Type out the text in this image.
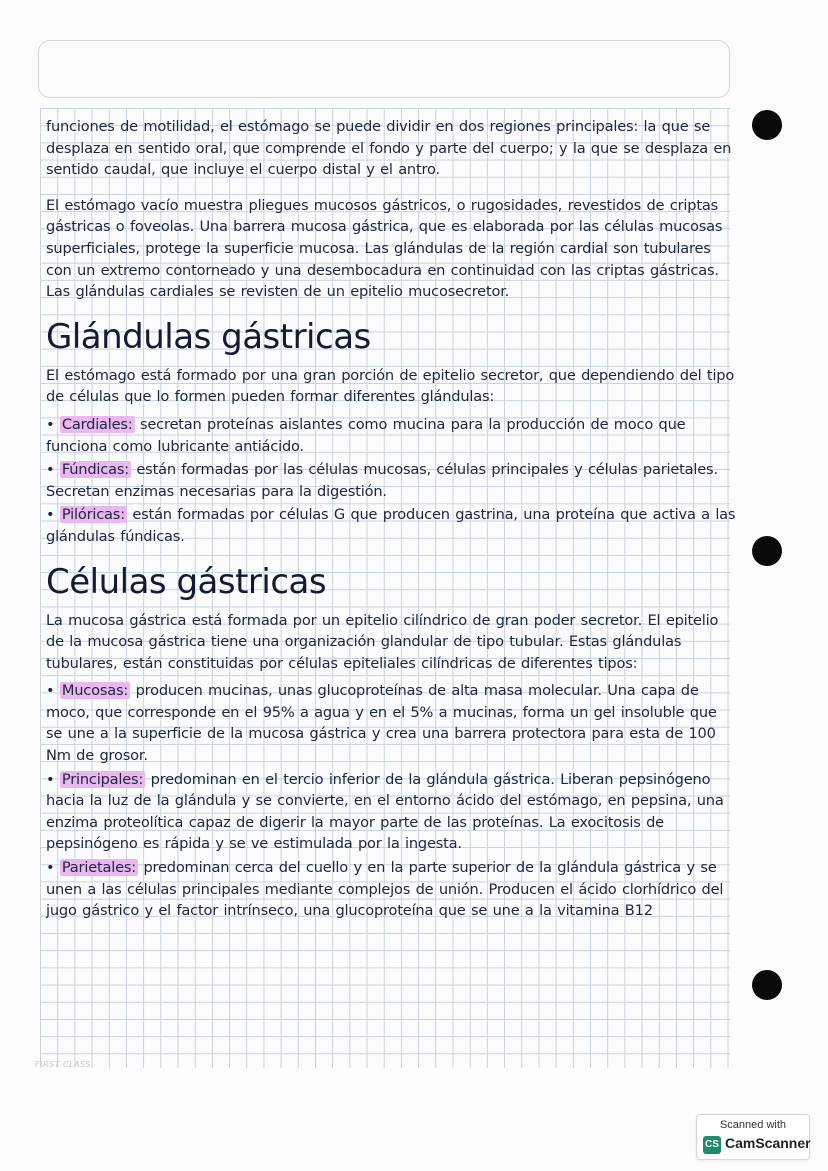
funciones de motilidad, el estómago se puede dividir en dos regiones principales: la que se desplaza en sentido oral, que comprende el fondo y parte del cuerpo; y la que se desplaza en sentido caudal, que incluye el cuerpo distal y el antro.

El estómago vacío muestra pliegues mucosos gástricos, o rugosidades, revestidos de criptas gástricas o foveolas. Una barrera mucosa gástrica, que es elaborada por las células mucosas superficiales, protege la superficie mucosa. Las glándulas de la región cardial son tubulares con un extremo contorneado y una desembocadura en continuidad con las criptas gástricas. Las glándulas cardiales se revisten de un epitelio mucosecretor.

Glándulas gástricas

El estómago está formado por una gran porción de epitelio secretor, que dependiendo del tipo de células que lo formen pueden formar diferentes glándulas:

• Cardiales: secretan proteínas aislantes como mucina para la producción de moco que funciona como lubricante antiácido.
• Fúndicas: están formadas por las células mucosas, células principales y células parietales. Secretan enzimas necesarias para la digestión.
• Pilóricas: están formadas por células G que producen gastrina, una proteína que activa a las glándulas fúndicas.
Células gástricas

La mucosa gástrica está formada por un epitelio cilíndrico de gran poder secretor. El epitelio de la mucosa gástrica tiene una organización glandular de tipo tubular. Estas glándulas tubulares, están constituidas por células epiteliales cilíndricas de diferentes tipos:

• Mucosas: producen mucinas, unas glucoproteínas de alta masa molecular. Una capa de moco, que corresponde en el 95% a agua y en el 5% a mucinas, forma un gel insoluble que se une a la superficie de la mucosa gástrica y crea una barrera protectora para esta de 100 Nm de grosor.
• Principales: predominan en el tercio inferior de la glándula gástrica. Liberan pepsinógeno hacia la luz de la glándula y se convierte, en el entorno ácido del estómago, en pepsina, una enzima proteolítica capaz de digerir la mayor parte de las proteínas. La exocitosis de pepsinógeno es rápida y se ve estimulada por la ingesta.
• Parietales: predominan cerca del cuello y en la parte superior de la glándula gástrica y se unen a las células principales mediante complejos de unión. Producen el ácido clorhídrico del jugo gástrico y el factor intrínseco, una glucoproteína que se une a la vitamina B12
FIRST CLASS
Scanned with
CS CamScanner
